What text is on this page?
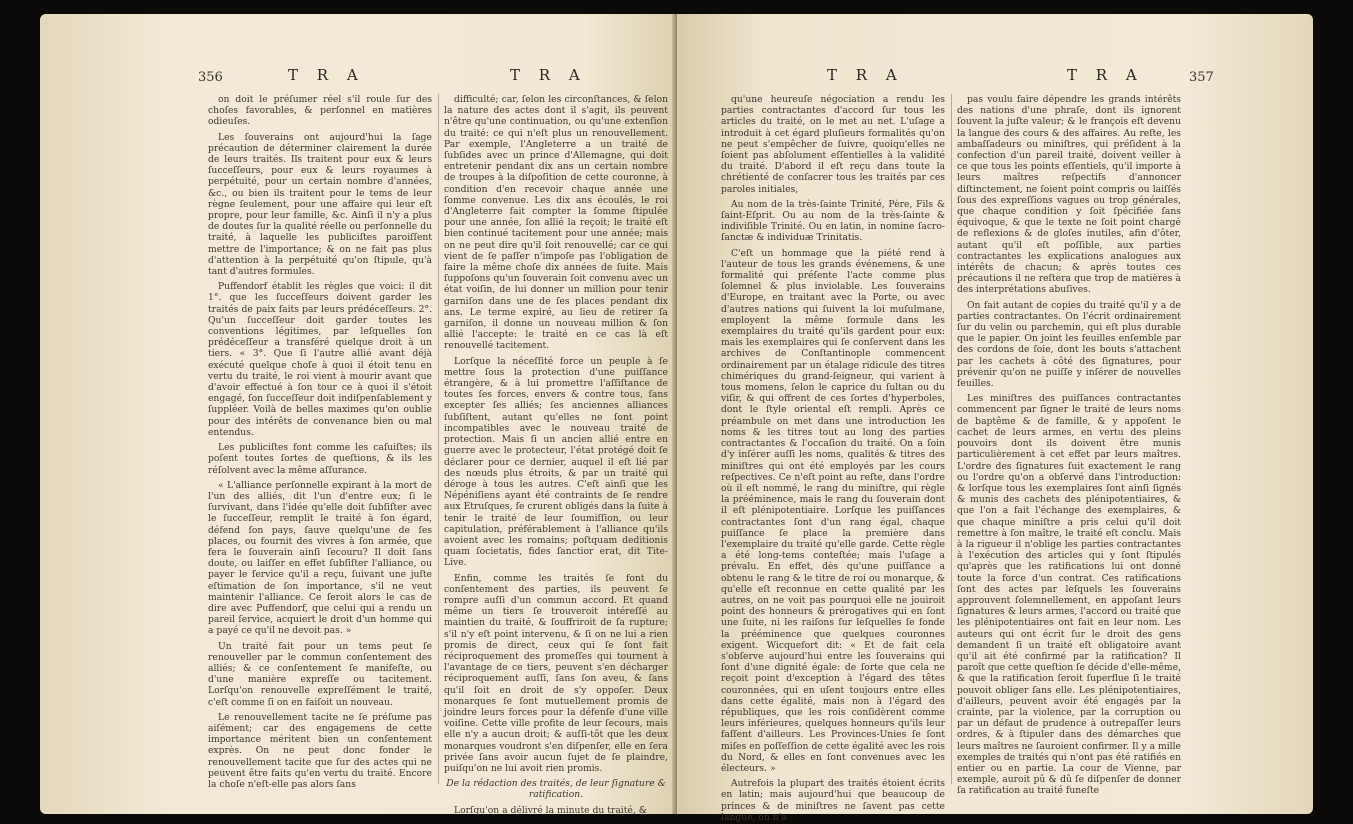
356	T R A	T R A

on doit le préſumer réel s'il roule ſur des choſes favorables, & perſonnel en matières odieuſes.

Les ſouverains ont aujourd'hui la ſage précaution de déterminer clairement la durée de leurs traités. Ils traitent pour eux & leurs ſucceſſeurs, pour eux & leurs royaumes à perpétuité, pour un certain nombre d'années, &c., ou bien ils traitent pour le tems de leur règne ſeulement, pour une affaire qui leur eſt propre, pour leur famille, &c. Ainſi il n'y a plus de doutes ſur la qualité réelle ou perſonnelle du traité, à laquelle les publiciſtes paroiſſent mettre de l'importance; & on ne fait pas plus d'attention à la perpétuité qu'on ſtipule, qu'à tant d'autres formules.

Puffendorf établit les règles que voici: il dit 1°. que les ſucceſſeurs doivent garder les traités de paix faits par leurs prédéceſſeurs. 2°. Qu'un ſucceſſeur doit garder toutes les conventions légitimes, par leſquelles ſon prédéceſſeur a transféré quelque droit à un tiers. « 3°. Que ſi l'autre allié avant déjà exécuté quelque choſe à quoi il étoit tenu en vertu du traité, le roi vient à mourir avant que d'avoir effectué à ſon tour ce à quoi il s'étoit engagé, ſon ſucceſſeur doit indiſpenſablement y ſuppléer. Voilà de belles maximes qu'on oublie pour des intérêts de convenance bien ou mal entendus.

Les publiciſtes font comme les caſuiſtes; ils poſent toutes ſortes de queſtions, & ils les réſolvent avec la même aſſurance.

« L'alliance perſonnelle expirant à la mort de l'un des alliés, dit l'un d'entre eux; ſi le ſurvivant, dans l'idée qu'elle doit ſubſiſter avec le ſucceſſeur, remplit le traité à ſon égard, défend ſon pays, ſauve quelqu'une de ſes places, ou fournit des vivres à ſon armée, que fera le ſouverain ainſi ſecouru? Il doit ſans doute, ou laiſſer en effet ſubſiſter l'alliance, ou payer le ſervice qu'il a reçu, ſuivant une juſte eſtimation de ſon importance, s'il ne veut maintenir l'alliance. Ce ſeroit alors le cas de dire avec Puffendorf, que celui qui a rendu un pareil ſervice, acquiert le droit d'un homme qui a payé ce qu'il ne devoit pas. »

Un traité fait pour un tems peut ſe renouveller par le commun conſentement des alliés; & ce conſentement ſe manifeſte, ou d'une manière expreſſe ou tacitement. Lorſqu'on renouvelle expreſſément le traité, c'eſt comme ſi on en faiſoit un nouveau.

Le renouvellement tacite ne ſe préſume pas aiſément; car des engagemens de cette importance méritent bien un conſentement exprès. On ne peut donc fonder le renouvellement tacite que ſur des actes qui ne peuvent être faits qu'en vertu du traité. Encore la choſe n'eſt-elle pas alors ſans

difficulté; car, ſelon les circonſtances, & ſelon la nature des actes dont il s'agit, ils peuvent n'être qu'une continuation, ou qu'une extenſion du traité: ce qui n'eſt plus un renouvellement. Par exemple, l'Angleterre a un traité de ſubſides avec un prince d'Allemagne, qui doit entretenir pendant dix ans un certain nombre de troupes à la diſpoſition de cette couronne, à condition d'en recevoir chaque année une ſomme convenue. Les dix ans écoulés, le roi d'Angleterre fait compter la ſomme ſtipulée pour une année, ſon allié la reçoit; le traité eſt bien continué tacitement pour une année; mais on ne peut dire qu'il ſoit renouvellé; car ce qui vient de ſe paſſer n'impoſe pas l'obligation de faire la même choſe dix années de ſuite. Mais ſuppoſons qu'un ſouverain ſoit convenu avec un état voiſin, de lui donner un million pour tenir garniſon dans une de ſes places pendant dix ans. Le terme expiré, au lieu de retirer ſa garniſon, il donne un nouveau million & ſon allié l'accepte: le traité en ce cas là eſt renouvellé tacitement.

Lorſque la néceſſité force un peuple à ſe mettre ſous la protection d'une puiſſance étrangère, & à lui promettre l'aſſiſtance de toutes ſes forces, envers & contre tous, ſans excepter ſes alliés; ſes anciennes alliances ſubſiſtent, autant qu'elles ne ſont point incompatibles avec le nouveau traité de protection. Mais ſi un ancien allié entre en guerre avec le protecteur, l'état protégé doit ſe déclarer pour ce dernier, auquel il eſt lié par des nœuds plus étroits, & par un traité qui déroge à tous les autres. C'eſt ainſi que les Népéniſiens ayant été contraints de ſe rendre aux Etruſques, ſe crurent obligés dans la ſuite à tenir le traité de leur ſoumiſſion, ou leur capitulation, préférablement à l'alliance qu'ils avoient avec les romains; poſtquam deditionis quam ſocietatis, fides ſanctior erat, dit Tite-Live.

Enfin, comme les traités ſe font du conſentement des parties, ils peuvent ſe rompre auſſi d'un commun accord. Et quand même un tiers ſe trouveroit intéreſſé au maintien du traité, & ſouffriroit de ſa rupture; s'il n'y eſt point intervenu, & ſi on ne lui a rien promis de direct, ceux qui ſe ſont fait réciproquement des promeſſes qui tournent à l'avantage de ce tiers, peuvent s'en décharger réciproquement auſſi, ſans ſon aveu, & ſans qu'il ſoit en droit de s'y oppoſer. Deux monarques ſe ſont mutuellement promis de joindre leurs forces pour la défenſe d'une ville voiſine. Cette ville profite de leur ſecours, mais elle n'y a aucun droit; & auſſi-tôt que les deux monarques voudront s'en diſpenſer, elle en ſera privée ſans avoir aucun ſujet de ſe plaindre, puiſqu'on ne lui avoit rien promis.

De la rédaction des traités, de leur ſignature & ratification.

Lorſqu'on a délivré la minute du traité, &

T R A	T R A	357

qu'une heureuſe négociation a rendu les parties contractantes d'accord ſur tous les articles du traité, on le met au net. L'uſage a introduit à cet égard pluſieurs formalités qu'on ne peut s'empêcher de ſuivre, quoiqu'elles ne ſoient pas abſolument eſſentielles à la validité du traité. D'abord il eſt reçu dans toute la chrétienté de conſacrer tous les traités par ces paroles initiales,

Au nom de la très-ſainte Trinité, Père, Fils & ſaint-Eſprit. Ou au nom de la très-ſainte & indiviſible Trinité. Ou en latin, in nomine ſacro-ſanctæ & individuæ Trinitatis.

C'eſt un hommage que la piété rend à l'auteur de tous les grands événemens, & une formalité qui préſente l'acte comme plus ſolemnel & plus inviolable. Les ſouverains d'Europe, en traitant avec la Porte, ou avec d'autres nations qui ſuivent la loi muſulmane, employent la même formule dans les exemplaires du traité qu'ils gardent pour eux: mais les exemplaires qui ſe conſervent dans les archives de Conſtantinople commencent ordinairement par un étalage ridicule des titres chimériques du grand-ſeigneur, qui varient à tous momens, ſelon le caprice du ſultan ou du viſir, & qui offrent de ces ſortes d'hyperboles, dont le ſtyle oriental eſt rempli. Après ce préambule on met dans une introduction les noms & les titres tout au long des parties contractantes & l'occaſion du traité. On a ſoin d'y inſérer auſſi les noms, qualités & titres des miniſtres qui ont été employés par les cours reſpectives. Ce n'eſt point au reſte, dans l'ordre où il eſt nommé, le rang du miniſtre, qui règle la prééminence, mais le rang du ſouverain dont il eſt plénipotentiaire. Lorſque les puiſſances contractantes ſont d'un rang égal, chaque puiſſance ſe place la première dans l'exemplaire du traité qu'elle garde. Cette règle a été long-tems conteſtée; mais l'uſage a prévalu. En effet, dès qu'une puiſſance a obtenu le rang & le titre de roi ou monarque, & qu'elle eſt reconnue en cette qualité par les autres, on ne voit pas pourquoi elle ne jouiroit point des honneurs & prérogatives qui en ſont une ſuite, ni les raiſons ſur leſquelles ſe fonde la prééminence que quelques couronnes exigent. Wicquefort dit: « Et de fait cela s'obſerve aujourd'hui entre les ſouverains qui ſont d'une dignité égale: de ſorte que cela ne reçoit point d'exception à l'égard des têtes couronnées, qui en uſent toujours entre elles dans cette égalité, mais non à l'égard des républiques, que les rois conſidèrent comme leurs inférieures, quelques honneurs qu'ils leur faſſent d'ailleurs. Les Provinces-Unies ſe ſont miſes en poſſeſſion de cette égalité avec les rois du Nord, & elles en ſont convenues avec les électeurs. »

Autrefois la plupart des traités étoient écrits en latin; mais aujourd'hui que beaucoup de princes & de miniſtres ne ſavent pas cette langue, on n'a

pas voulu faire dépendre les grands intérêts des nations d'une phraſe, dont ils ignorent ſouvent la juſte valeur; & le françois eſt devenu la langue des cours & des affaires. Au reſte, les ambaſſadeurs ou miniſtres, qui préſident à la confection d'un pareil traité, doivent veiller à ce que tous les points eſſentiels, qu'il importe à leurs maîtres reſpectifs d'annoncer diſtinctement, ne ſoient point compris ou laiſſés ſous des expreſſions vagues ou trop générales, que chaque condition y ſoit ſpécifiée ſans équivoque, & que le texte ne ſoit point chargé de reflexions & de gloſes inutiles, afin d'ôter, autant qu'il eſt poſſible, aux parties contractantes les explications analogues aux intérêts de chacun; & après toutes ces précautions il ne reſtera que trop de matières à des interprétations abuſives.

On fait autant de copies du traité qu'il y a de parties contractantes. On l'écrit ordinairement ſur du velin ou parchemin, qui eſt plus durable que le papier. On joint les feuilles enſemble par des cordons de ſoie, dont les bouts s'attachent par les cachets à côté des ſignatures, pour prévenir qu'on ne puiſſe y inſérer de nouvelles feuilles.

Les miniſtres des puiſſances contractantes commencent par ſigner le traité de leurs noms de baptême & de famille, & y appoſent le cachet de leurs armes, en vertu des pleins pouvoirs dont ils doivent être munis particulièrement à cet effet par leurs maîtres. L'ordre des ſignatures ſuit exactement le rang ou l'ordre qu'on a obſervé dans l'introduction: & lorſque tous les exemplaires ſont ainſi ſignés & munis des cachets des plénipotentiaires, & que l'on a fait l'échange des exemplaires, & que chaque miniſtre a pris celui qu'il doit remettre à ſon maître, le traité eſt conclu. Mais à la rigueur il n'oblige les parties contractantes à l'exécution des articles qui y ſont ſtipulés qu'après que les ratifications lui ont donné toute la force d'un contrat. Ces ratifications ſont des actes par leſquels les ſouverains approuvent ſolemnellement, en appoſant leurs ſignatures & leurs armes, l'accord ou traité que les plénipotentiaires ont fait en leur nom. Les auteurs qui ont écrit ſur le droit des gens demandent ſi un traité eſt obligatoire avant qu'il ait été confirmé par la ratification? Il paroît que cette queſtion ſe décide d'elle-même, & que la ratification ſeroit ſuperflue ſi le traité pouvoit obliger ſans elle. Les plénipotentiaires, d'ailleurs, peuvent avoir été engagés par la crainte, par la violence, par la corruption ou par un défaut de prudence à outrepaſſer leurs ordres, & à ſtipuler dans des démarches que leurs maîtres ne ſauroient confirmer. Il y a mille exemples de traités qui n'ont pas été ratifiés en entier ou en partie. La cour de Vienne, par exemple, auroit pû & dû ſe diſpenſer de donner ſa ratification au traité funeſte
